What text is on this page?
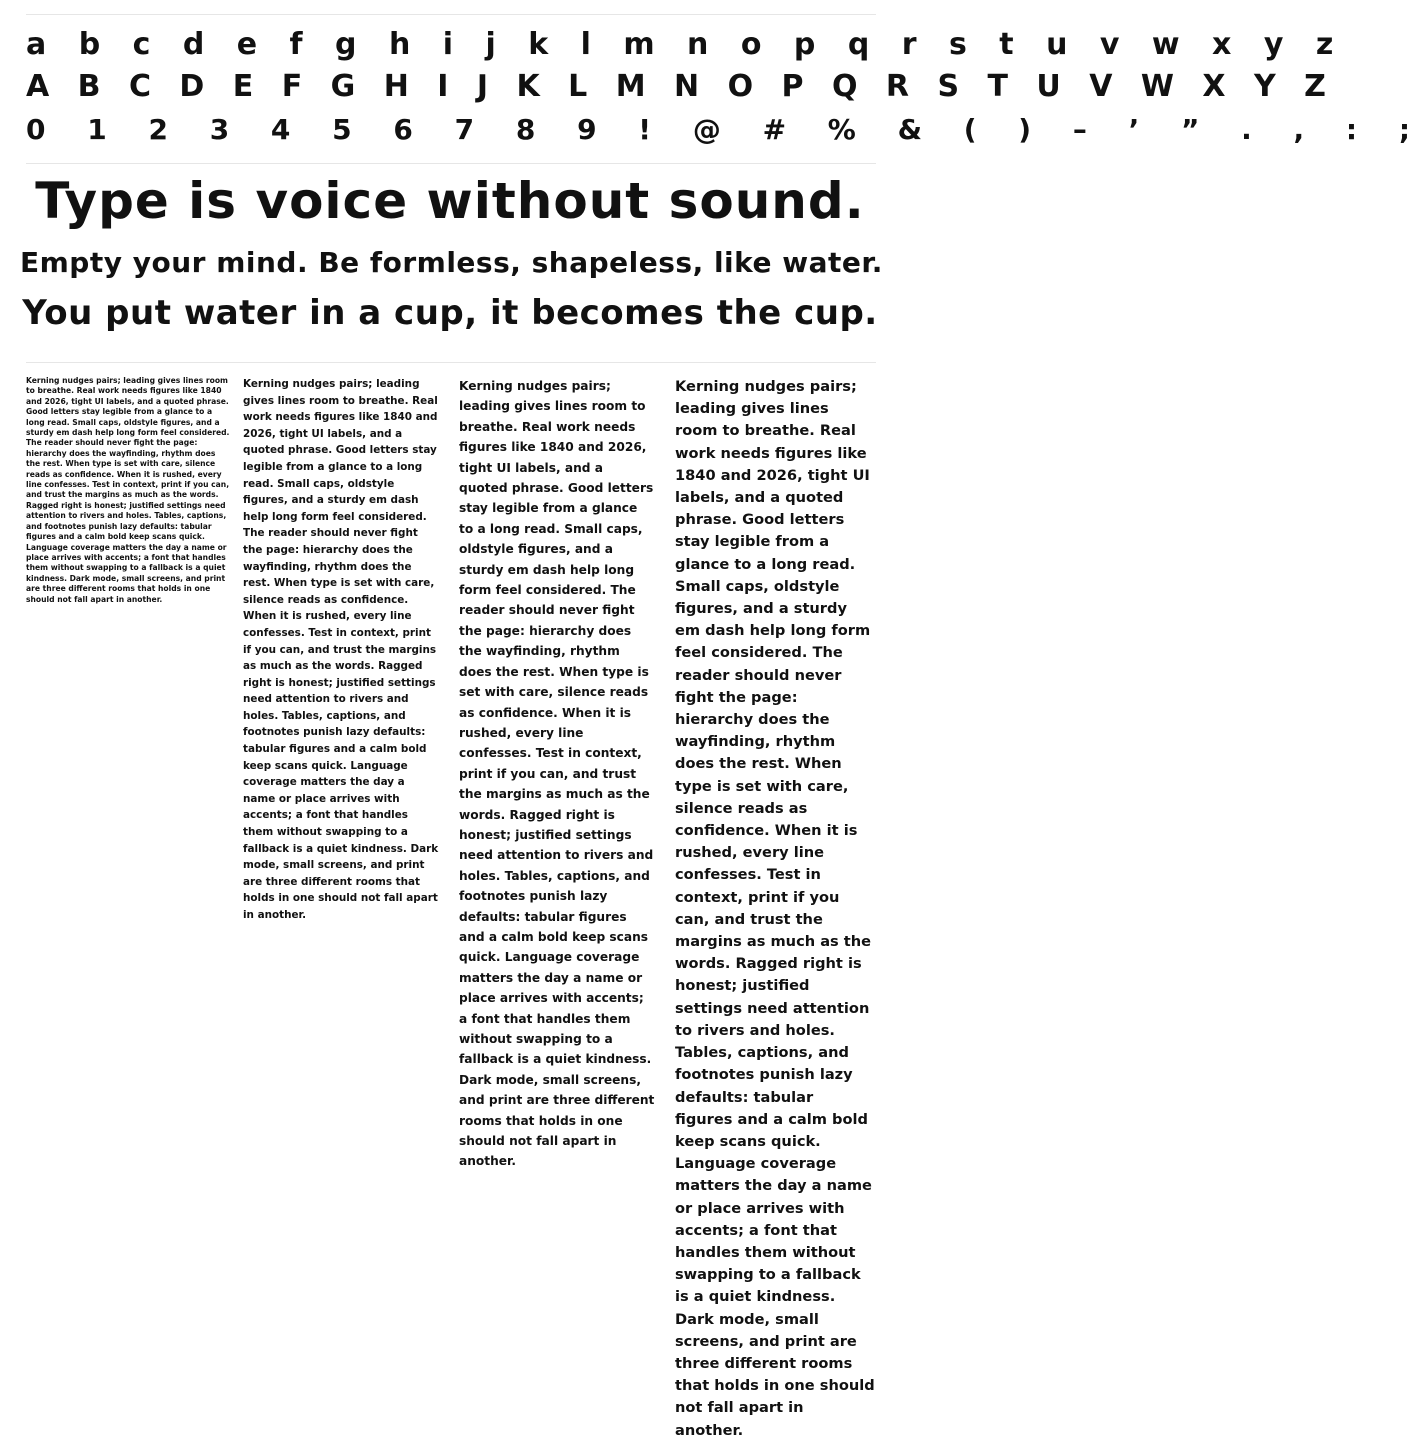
a b c d e f g h i j k l m n o p q r s t u v w x y z
A B C D E F G H I J K L M N O P Q R S T U V W X Y Z
0 1 2 3 4 5 6 7 8 9 ! @ # % & ( ) – ’ ” . , : ;
Type is voice without sound.
Empty your mind. Be formless, shapeless, like water.
You put water in a cup, it becomes the cup.

Kerning nudges pairs; leading gives lines room to breathe. Real work needs figures like 1840 and 2026, tight UI labels, and a quoted phrase. Good letters stay legible from a glance to a long read. Small caps, oldstyle figures, and a sturdy em dash help long form feel considered. The reader should never fight the page: hierarchy does the wayfinding, rhythm does the rest. When type is set with care, silence reads as confidence. When it is rushed, every line confesses. Test in context, print if you can, and trust the margins as much as the words. Ragged right is honest; justified settings need attention to rivers and holes. Tables, captions, and footnotes punish lazy defaults: tabular figures and a calm bold keep scans quick. Language coverage matters the day a name or place arrives with accents; a font that handles them without swapping to a fallback is a quiet kindness. Dark mode, small screens, and print are three different rooms that holds in one should not fall apart in another.

Kerning nudges pairs; leading gives lines room to breathe. Real work needs figures like 1840 and 2026, tight UI labels, and a quoted phrase. Good letters stay legible from a glance to a long read. Small caps, oldstyle figures, and a sturdy em dash help long form feel considered. The reader should never fight the page: hierarchy does the wayfinding, rhythm does the rest. When type is set with care, silence reads as confidence. When it is rushed, every line confesses. Test in context, print if you can, and trust the margins as much as the words. Ragged right is honest; justified settings need attention to rivers and holes. Tables, captions, and footnotes punish lazy defaults: tabular figures and a calm bold keep scans quick. Language coverage matters the day a name or place arrives with accents; a font that handles them without swapping to a fallback is a quiet kindness. Dark mode, small screens, and print are three different rooms that holds in one should not fall apart in another.

Kerning nudges pairs; leading gives lines room to breathe. Real work needs figures like 1840 and 2026, tight UI labels, and a quoted phrase. Good letters stay legible from a glance to a long read. Small caps, oldstyle figures, and a sturdy em dash help long form feel considered. The reader should never fight the page: hierarchy does the wayfinding, rhythm does the rest. When type is set with care, silence reads as confidence. When it is rushed, every line confesses. Test in context, print if you can, and trust the margins as much as the words. Ragged right is honest; justified settings need attention to rivers and holes. Tables, captions, and footnotes punish lazy defaults: tabular figures and a calm bold keep scans quick. Language coverage matters the day a name or place arrives with accents; a font that handles them without swapping to a fallback is a quiet kindness. Dark mode, small screens, and print are three different rooms that holds in one should not fall apart in another.

Kerning nudges pairs; leading gives lines room to breathe. Real work needs figures like 1840 and 2026, tight UI labels, and a quoted phrase. Good letters stay legible from a glance to a long read. Small caps, oldstyle figures, and a sturdy em dash help long form feel considered. The reader should never fight the page: hierarchy does the wayfinding, rhythm does the rest. When type is set with care, silence reads as confidence. When it is rushed, every line confesses. Test in context, print if you can, and trust the margins as much as the words. Ragged right is honest; justified settings need attention to rivers and holes. Tables, captions, and footnotes punish lazy defaults: tabular figures and a calm bold keep scans quick. Language coverage matters the day a name or place arrives with accents; a font that handles them without swapping to a fallback is a quiet kindness. Dark mode, small screens, and print are three different rooms that holds in one should not fall apart in another.
